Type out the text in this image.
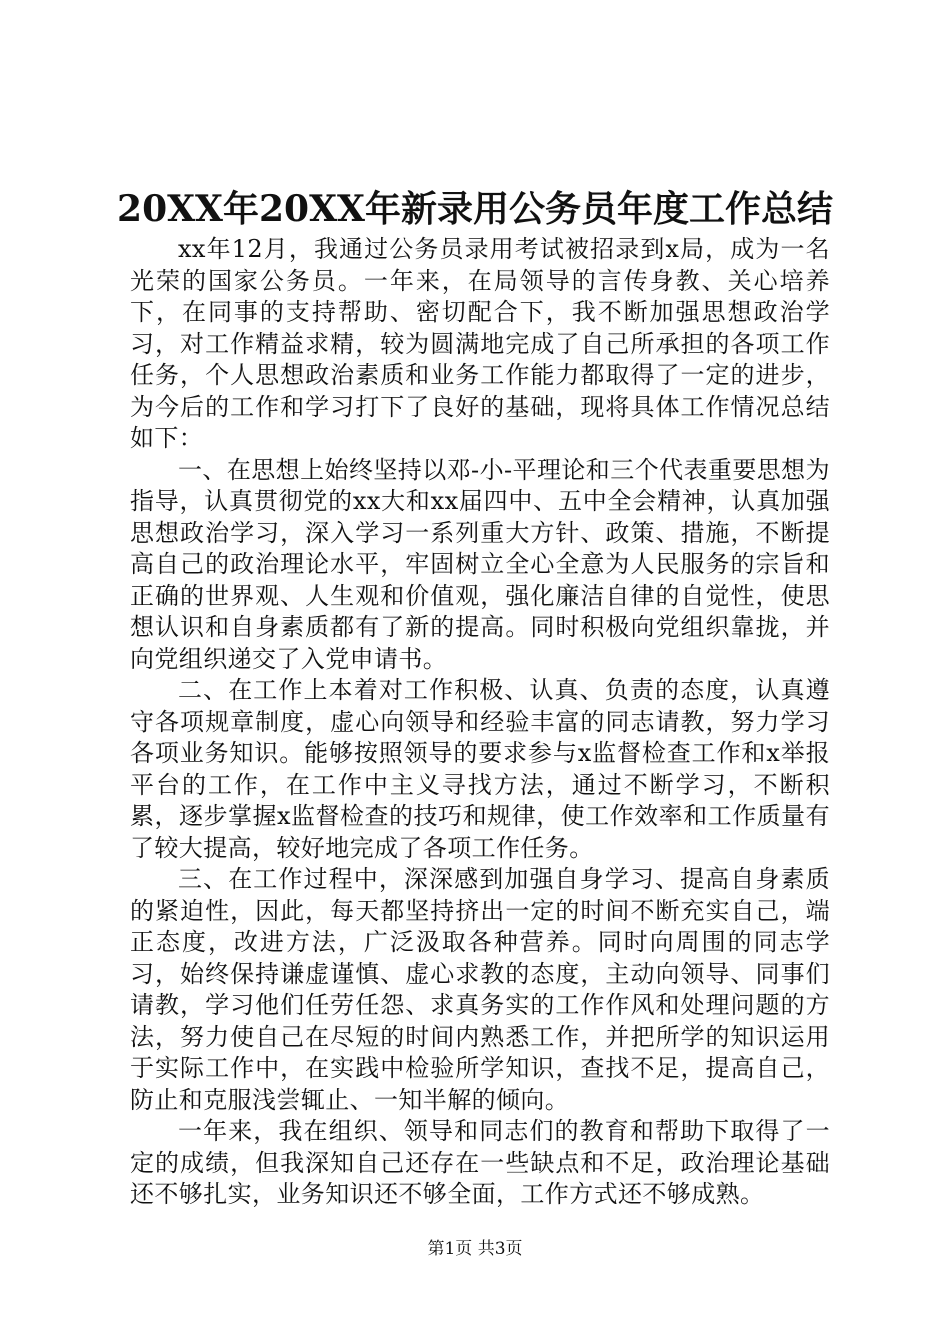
20XX年20XX年新录用公务员年度工作总结

xx年12月，我通过公务员录用考试被招录到x局，成为一名光荣的国家公务员。一年来，在局领导的言传身教、关心培养下，在同事的支持帮助、密切配合下，我不断加强思想政治学习，对工作精益求精，较为圆满地完成了自己所承担的各项工作任务，个人思想政治素质和业务工作能力都取得了一定的进步，为今后的工作和学习打下了良好的基础，现将具体工作情况总结如下：

一、在思想上始终坚持以邓-小-平理论和三个代表重要思想为指导，认真贯彻党的xx大和xx届四中、五中全会精神，认真加强思想政治学习，深入学习一系列重大方针、政策、措施，不断提高自己的政治理论水平，牢固树立全心全意为人民服务的宗旨和正确的世界观、人生观和价值观，强化廉洁自律的自觉性，使思想认识和自身素质都有了新的提高。同时积极向党组织靠拢，并向党组织递交了入党申请书。

二、在工作上本着对工作积极、认真、负责的态度，认真遵守各项规章制度，虚心向领导和经验丰富的同志请教，努力学习各项业务知识。能够按照领导的要求参与x监督检查工作和x举报平台的工作，在工作中主义寻找方法，通过不断学习，不断积累，逐步掌握x监督检查的技巧和规律，使工作效率和工作质量有了较大提高，较好地完成了各项工作任务。

三、在工作过程中，深深感到加强自身学习、提高自身素质的紧迫性，因此，每天都坚持挤出一定的时间不断充实自己，端正态度，改进方法，广泛汲取各种营养。同时向周围的同志学习，始终保持谦虚谨慎、虚心求教的态度，主动向领导、同事们请教，学习他们任劳任怨、求真务实的工作作风和处理问题的方法，努力使自己在尽短的时间内熟悉工作，并把所学的知识运用于实际工作中，在实践中检验所学知识，查找不足，提高自己，防止和克服浅尝辄止、一知半解的倾向。

一年来，我在组织、领导和同志们的教育和帮助下取得了一定的成绩，但我深知自己还存在一些缺点和不足，政治理论基础还不够扎实，业务知识还不够全面，工作方式还不够成熟。

第1页 共3页
